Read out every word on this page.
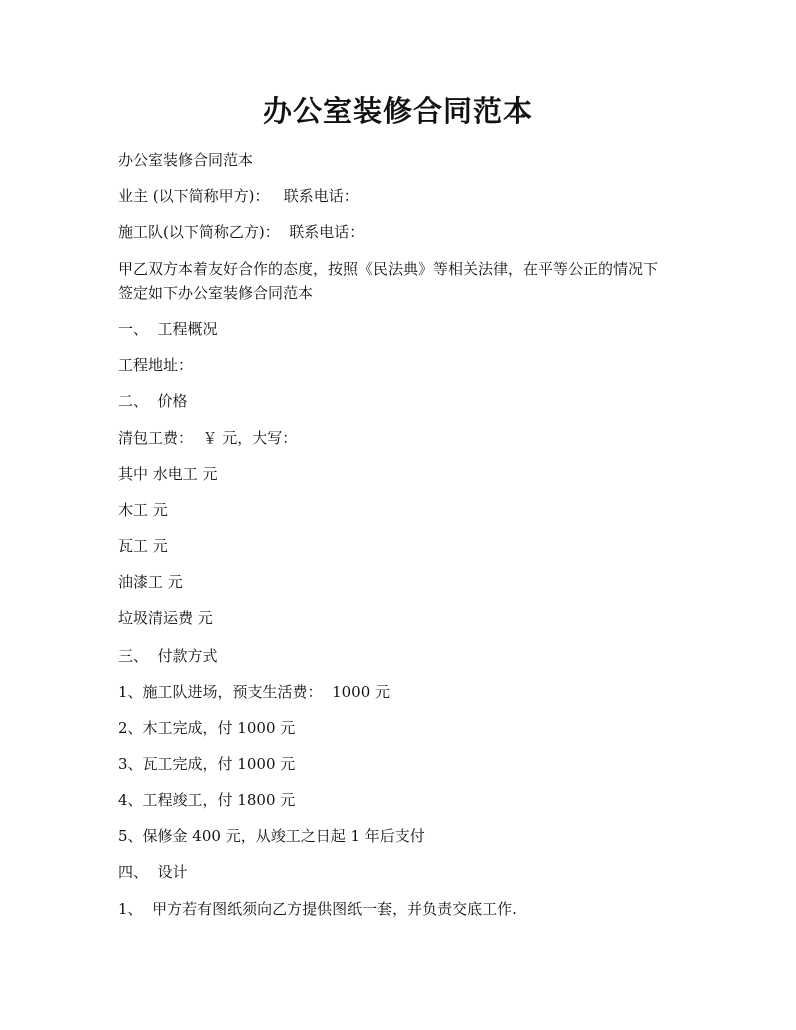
办公室装修合同范本
办公室装修合同范本
业主 (以下简称甲方)：   联系电话：
施工队(以下简称乙方)：  联系电话：
甲乙双方本着友好合作的态度，按照《民法典》等相关法律，在平等公正的情况下
签定如下办公室装修合同范本
一、  工程概况
工程地址：
二、  价格
清包工费：  ￥ 元，大写：
其中 水电工 元
木工 元
瓦工 元
油漆工 元
垃圾清运费 元
三、  付款方式
1、施工队进场，预支生活费：  1000 元
2、木工完成，付 1000 元
3、瓦工完成，付 1000 元
4、工程竣工，付 1800 元
5、保修金 400 元，从竣工之日起 1 年后支付
四、  设计
1、  甲方若有图纸须向乙方提供图纸一套，并负责交底工作.
